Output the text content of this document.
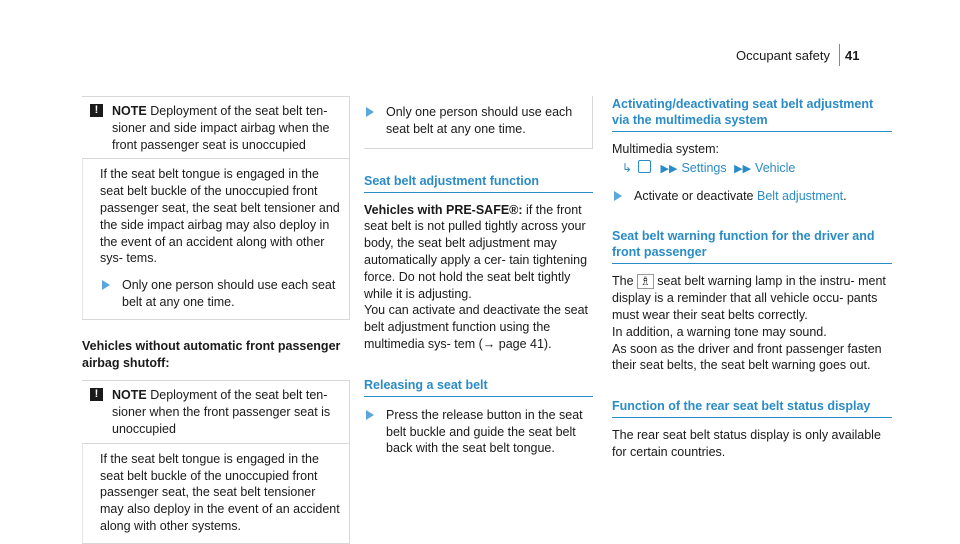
Occupant safety 41
!	NOTE Deployment of the seat belt ten- sioner and side impact airbag when the front passenger seat is unoccupied

If the seat belt tongue is engaged in the seat belt buckle of the unoccupied front passenger seat, the seat belt tensioner and the side impact airbag may also deploy in the event of an accident along with other sys- tems.

Only one person should use each seat belt at any one time.

Vehicles without automatic front passenger airbag shutoff:

!	NOTE Deployment of the seat belt ten- sioner when the front passenger seat is unoccupied

If the seat belt tongue is engaged in the seat belt buckle of the unoccupied front passenger seat, the seat belt tensioner may also deploy in the event of an accident along with other systems.

Only one person should use each seat belt at any one time.
Seat belt adjustment function

Vehicles with PRE-SAFE®: if the front seat belt is not pulled tightly across your body, the seat belt adjustment may automatically apply a cer- tain tightening force. Do not hold the seat belt tightly while it is adjusting.

You can activate and deactivate the seat belt adjustment function using the multimedia sys- tem (→ page 41).

Releasing a seat belt
Press the release button in the seat belt buckle and guide the seat belt back with the seat belt tongue.
Activating/deactivating seat belt adjustment via the multimedia system

Multimedia system:

↳	▶▶ Settings ▶▶ Vehicle

Activate or deactivate Belt adjustment.
Seat belt warning function for the driver and front passenger

The ♗ seat belt warning lamp in the instru- ment display is a reminder that all vehicle occu- pants must wear their seat belts correctly.

In addition, a warning tone may sound.

As soon as the driver and front passenger fasten their seat belts, the seat belt warning goes out.

Function of the rear seat belt status display

The rear seat belt status display is only available for certain countries.
